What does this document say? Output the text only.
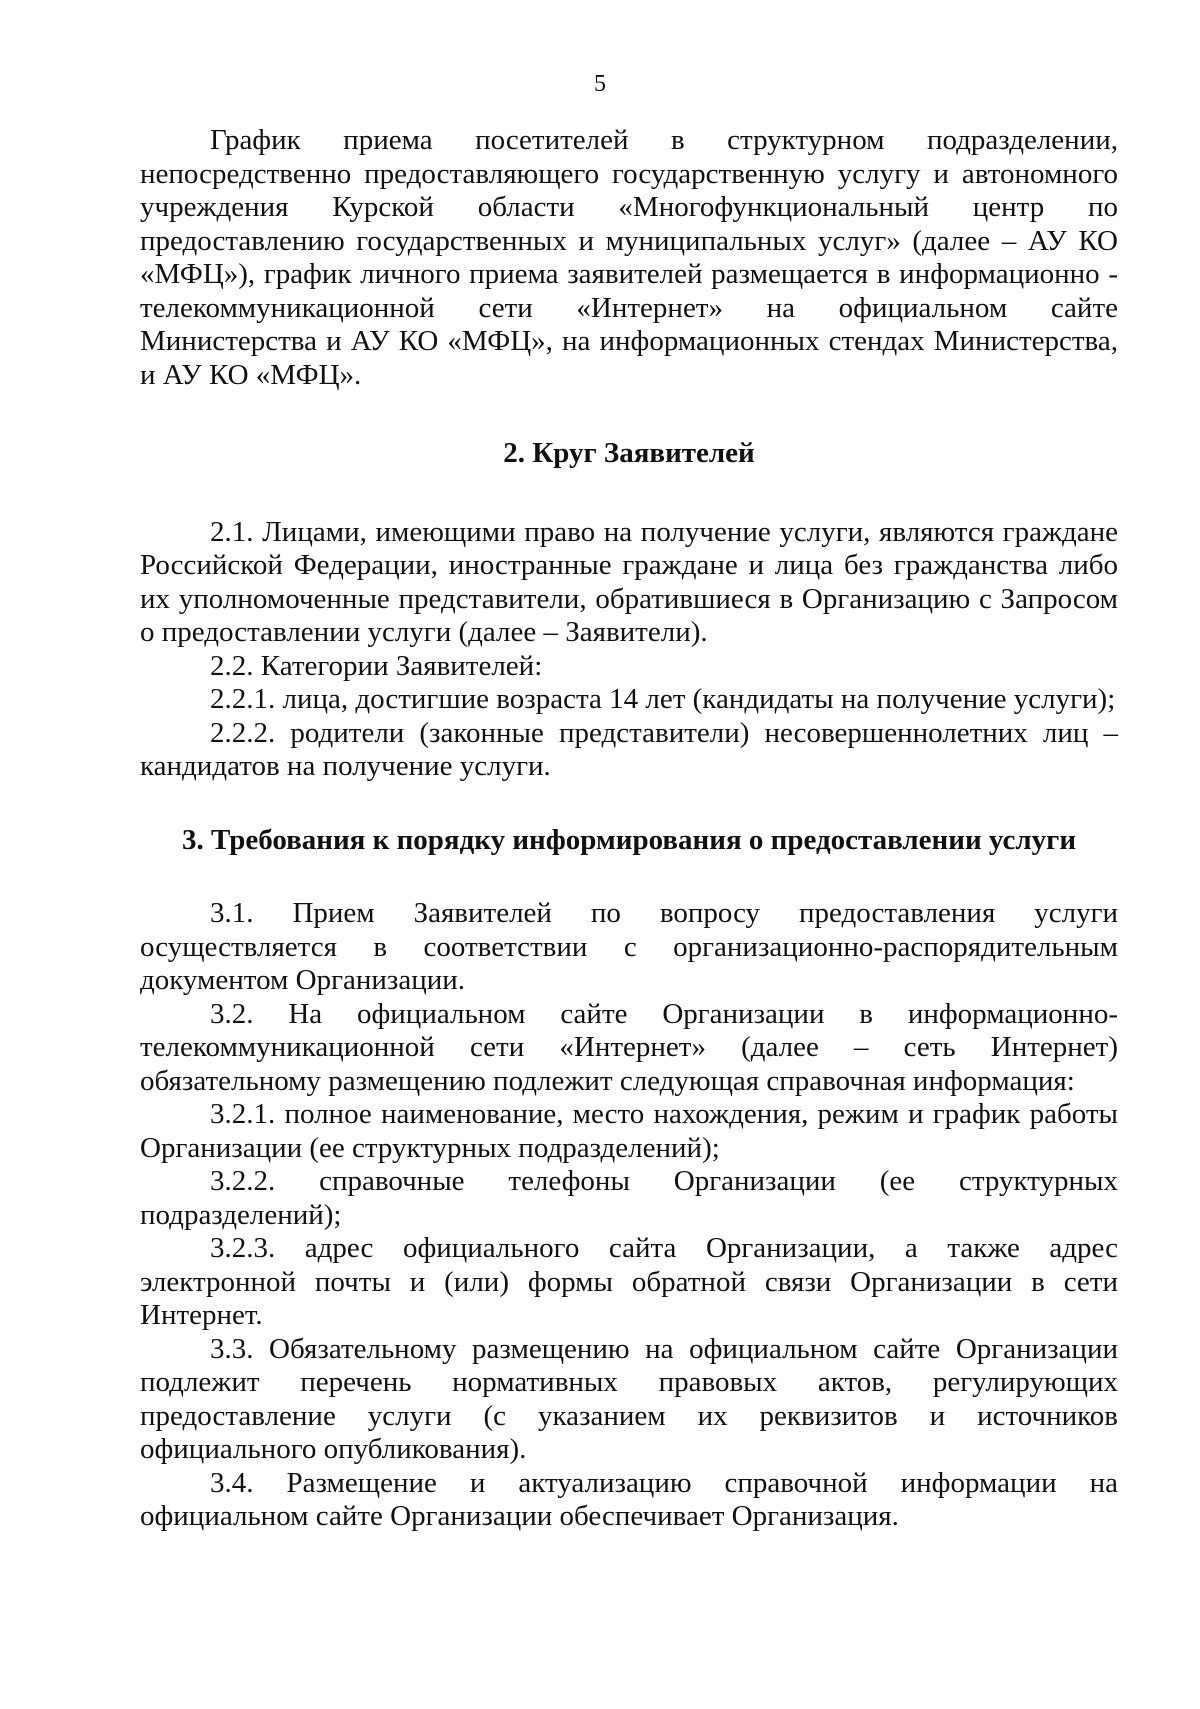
5

График приема посетителей в структурном подразделении, непосредственно предоставляющего государственную услугу и автономного учреждения Курской области «Многофункциональный центр по предоставлению государственных и муниципальных услуг» (далее – АУ КО «МФЦ»), график личного приема заявителей размещается в информационно - телекоммуникационной сети «Интернет» на официальном сайте Министерства и АУ КО «МФЦ», на информационных стендах Министерства, и АУ КО «МФЦ».

2. Круг Заявителей

2.1. Лицами, имеющими право на получение услуги, являются граждане Российской Федерации, иностранные граждане и лица без гражданства либо их уполномоченные представители, обратившиеся в Организацию с Запросом о предоставлении услуги (далее – Заявители).

2.2. Категории Заявителей:

2.2.1. лица, достигшие возраста 14 лет (кандидаты на получение услуги);

2.2.2. родители (законные представители) несовершеннолетних лиц – кандидатов на получение услуги.

3. Требования к порядку информирования о предоставлении услуги

3.1. Прием Заявителей по вопросу предоставления услуги осуществляется в соответствии с организационно-распорядительным документом Организации.

3.2. На официальном сайте Организации в информационно-телекоммуникационной сети «Интернет» (далее – сеть Интернет) обязательному размещению подлежит следующая справочная информация:

3.2.1. полное наименование, место нахождения, режим и график работы Организации (ее структурных подразделений);

3.2.2. справочные телефоны Организации (ее структурных подразделений);

3.2.3. адрес официального сайта Организации, а также адрес электронной почты и (или) формы обратной связи Организации в сети Интернет.

3.3. Обязательному размещению на официальном сайте Организации подлежит перечень нормативных правовых актов, регулирующих предоставление услуги (с указанием их реквизитов и источников официального опубликования).

3.4. Размещение и актуализацию справочной информации на официальном сайте Организации обеспечивает Организация.
